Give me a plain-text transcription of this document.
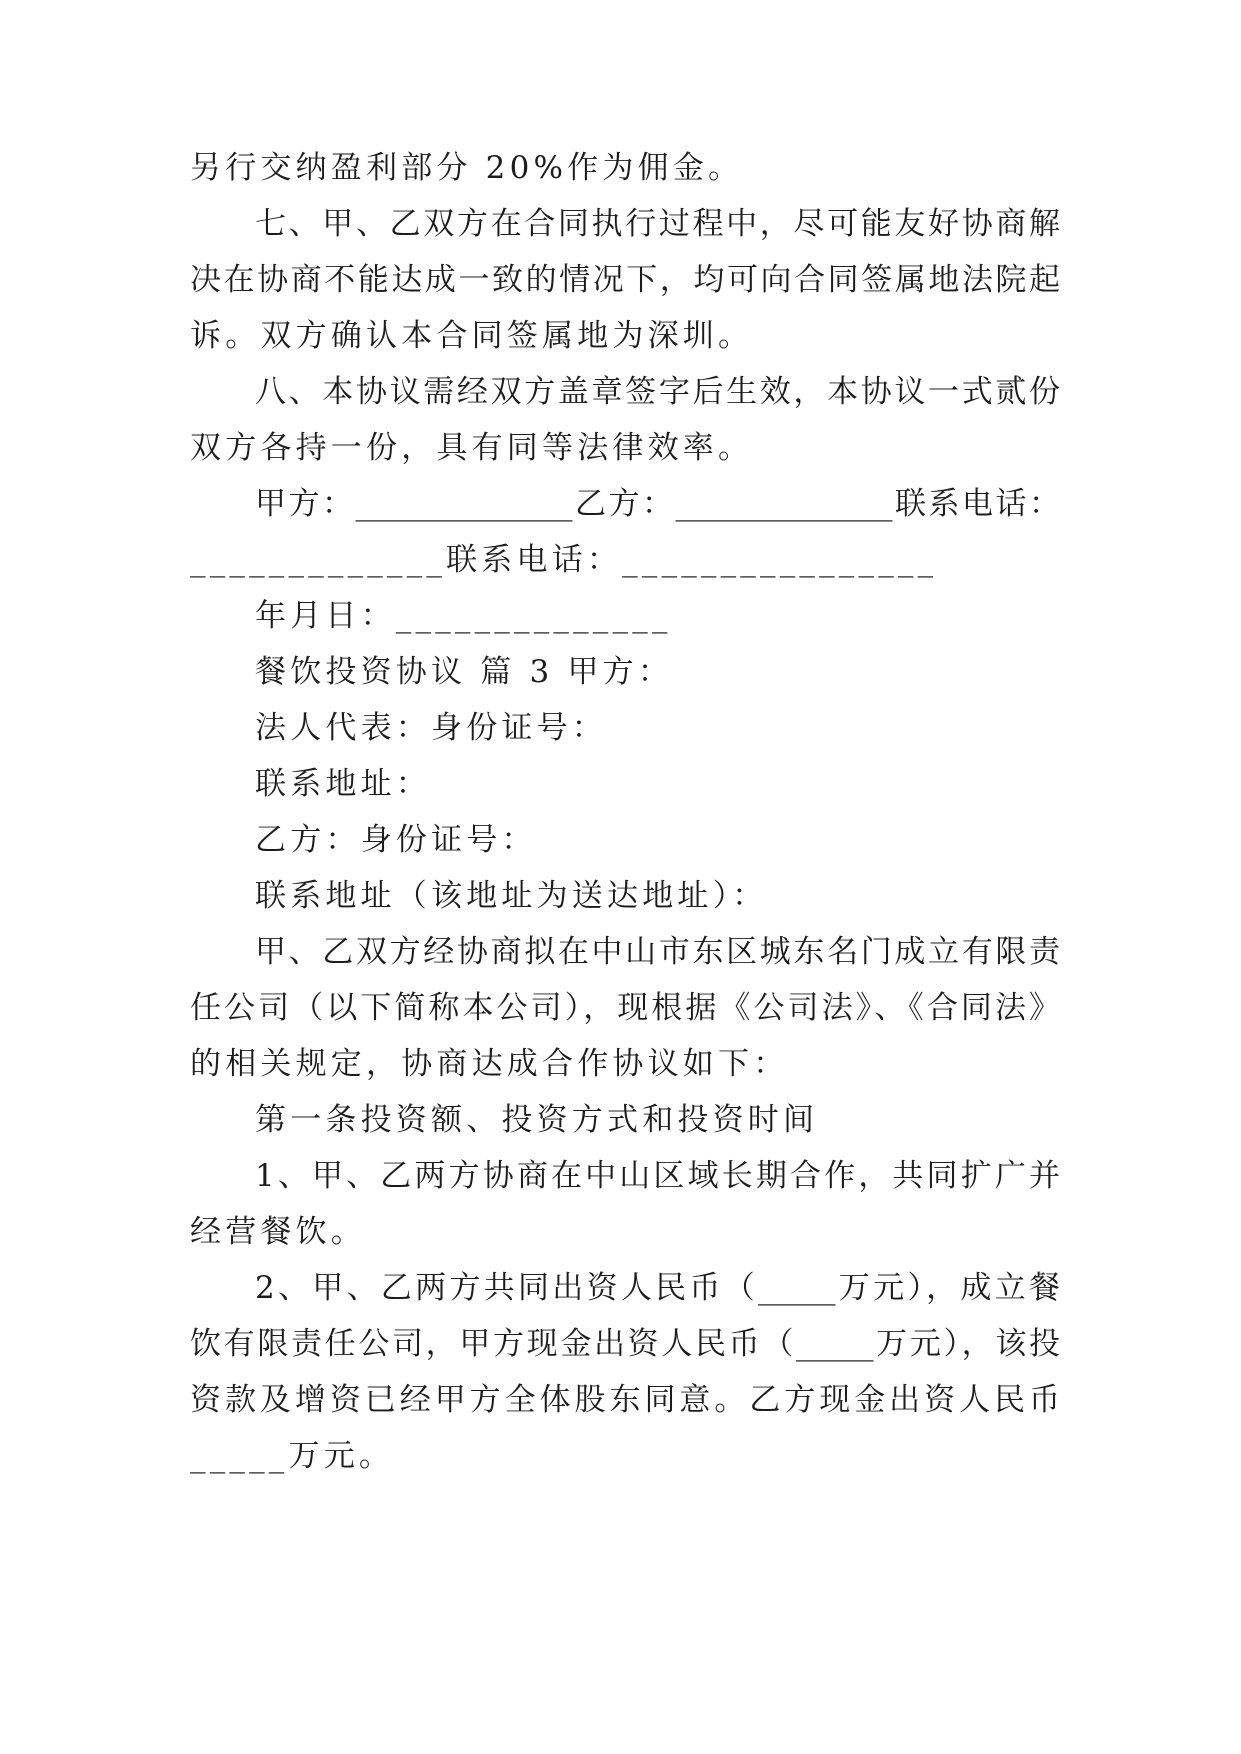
另行交纳盈利部分 20%作为佣金。
七、甲、乙双方在合同执行过程中，尽可能友好协商解
决在协商不能达成一致的情况下，均可向合同签属地法院起
诉。双方确认本合同签属地为深圳。
八、本协议需经双方盖章签字后生效，本协议一式贰份
双方各持一份，具有同等法律效率。
甲方：______________乙方：______________联系电话：
_____________联系电话：________________
年月日：______________
餐饮投资协议 篇 3 甲方：
法人代表：身份证号：
联系地址：
乙方：身份证号：
联系地址（该地址为送达地址）：
甲、乙双方经协商拟在中山市东区城东名门成立有限责
任公司（以下简称本公司），现根据《公司法》、《合同法》
的相关规定，协商达成合作协议如下：
第一条投资额、投资方式和投资时间
1、甲、乙两方协商在中山区域长期合作，共同扩广并
经营餐饮。
2、甲、乙两方共同出资人民币（_____万元），成立餐
饮有限责任公司，甲方现金出资人民币（_____万元），该投
资款及增资已经甲方全体股东同意。乙方现金出资人民币
_____万元。
